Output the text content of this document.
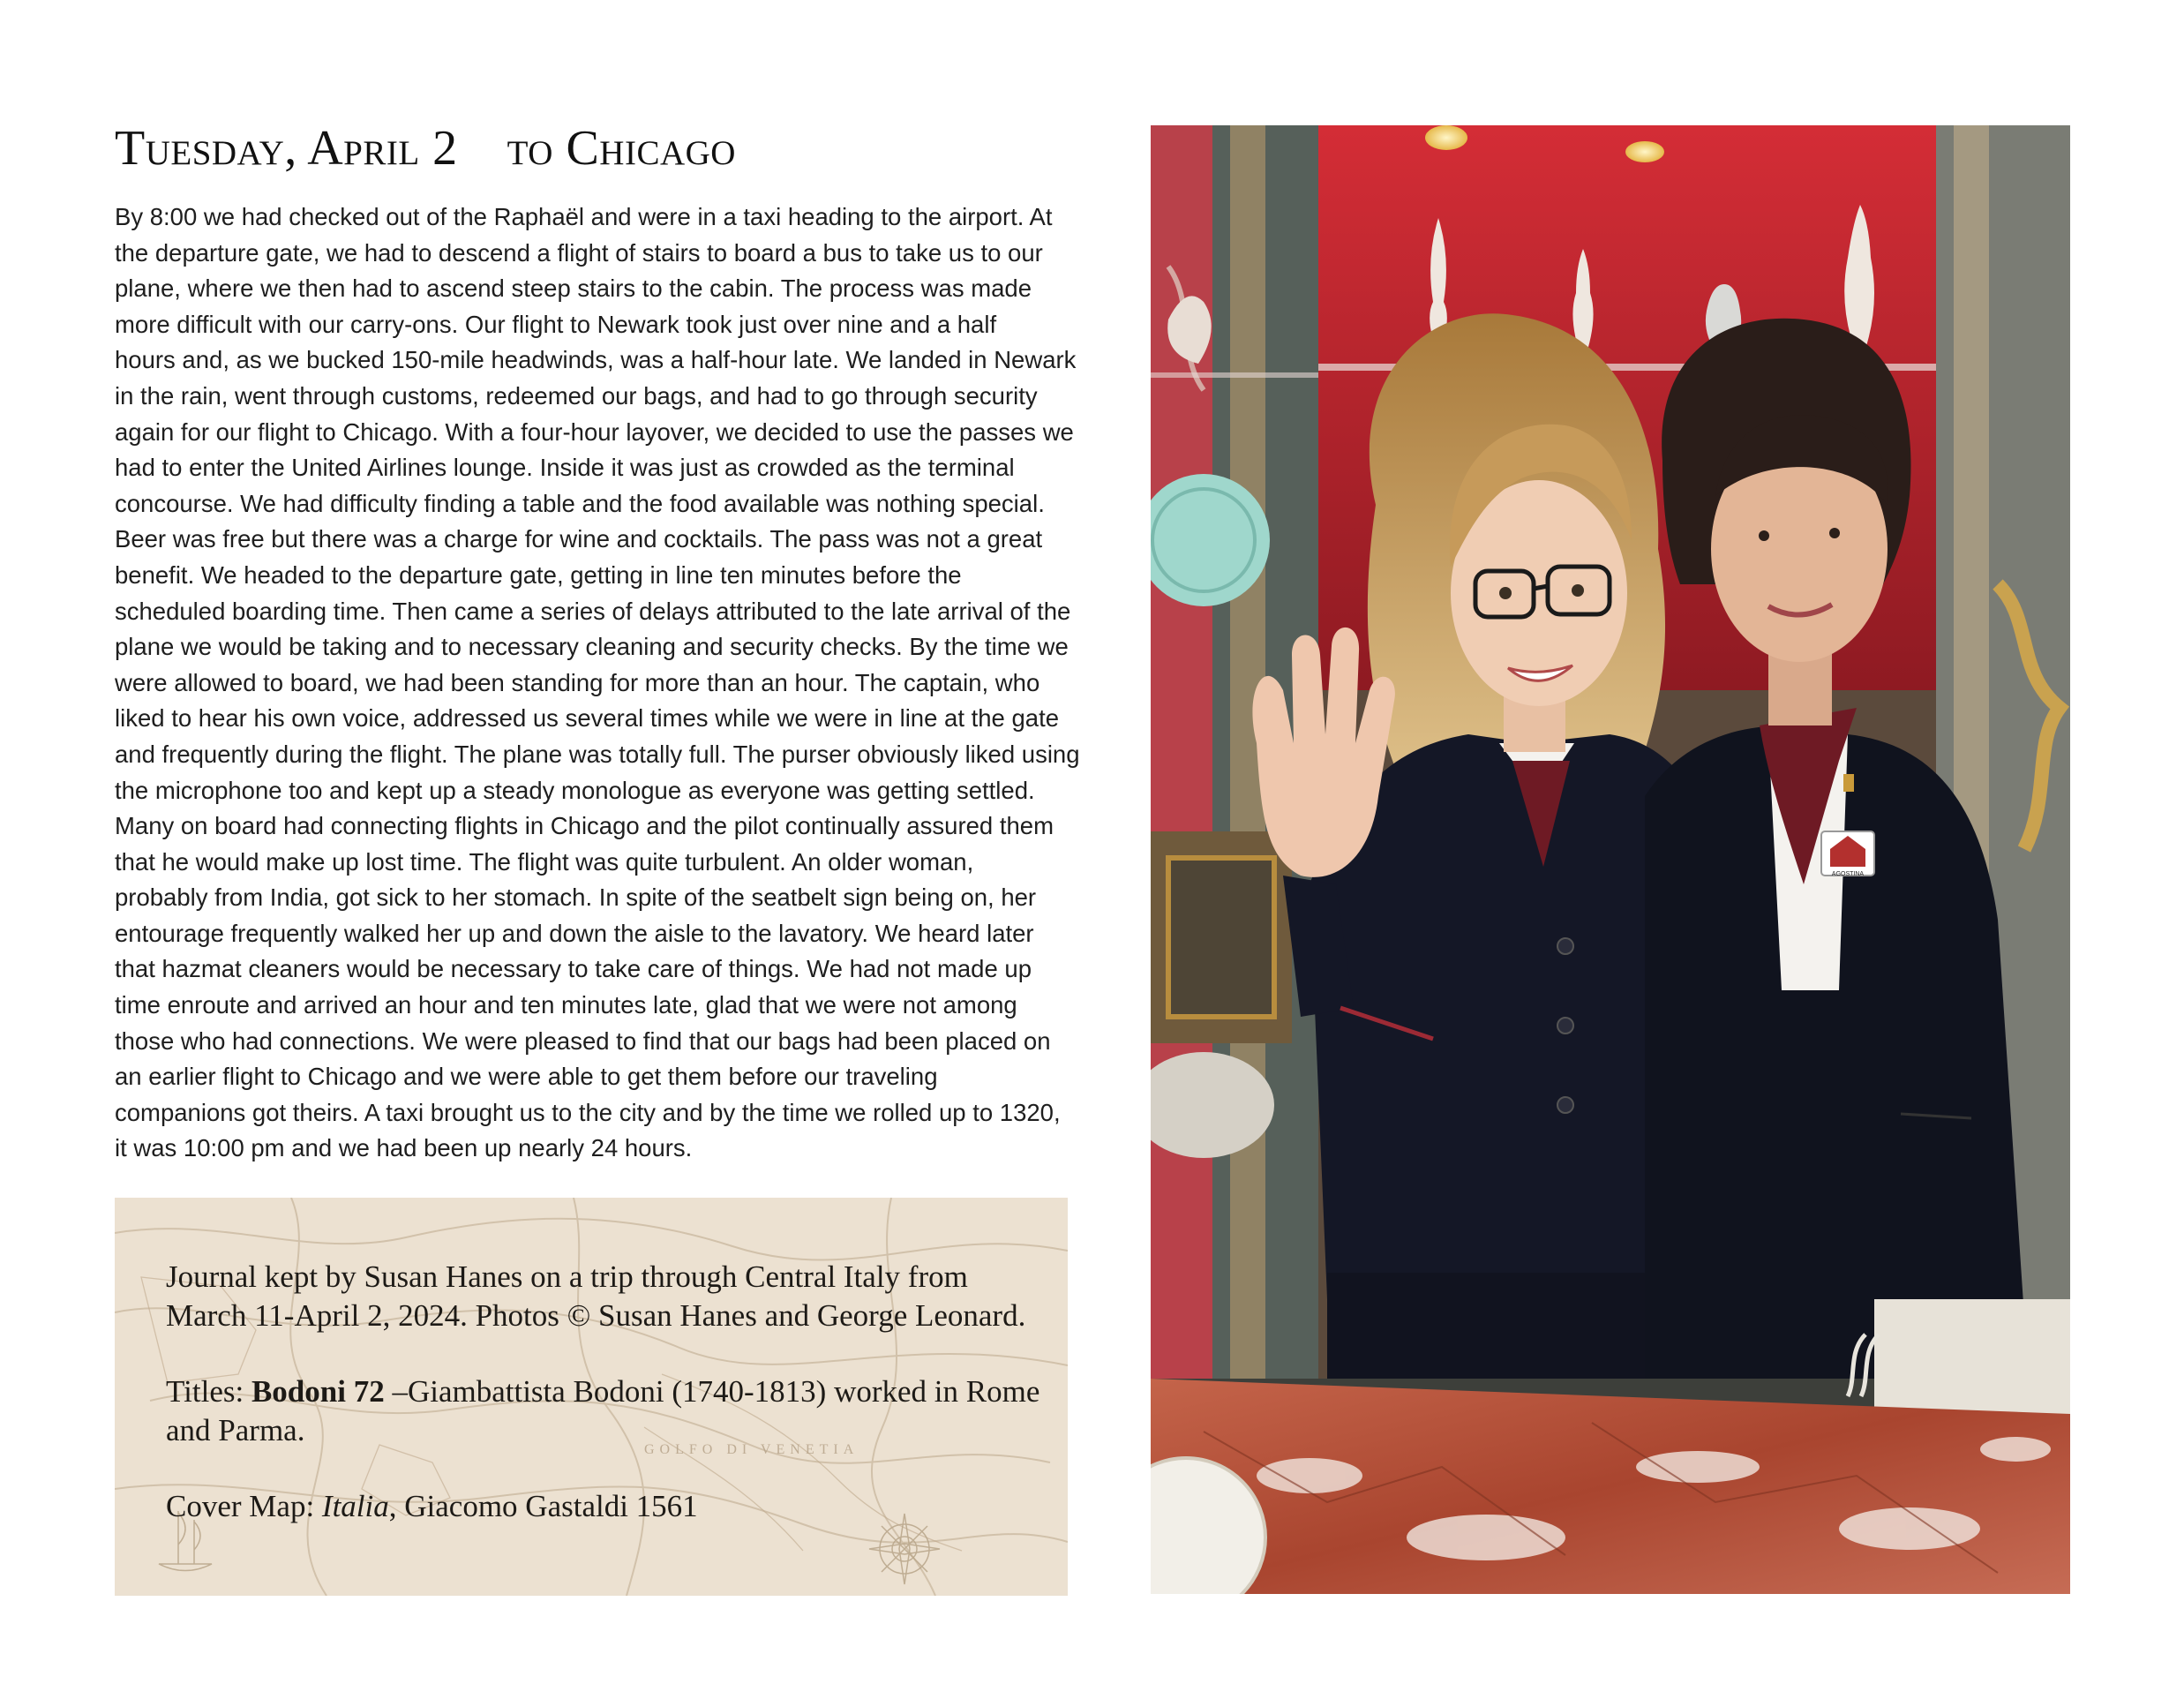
Tuesday, April 2 to Chicago
By 8:00 we had checked out of the Raphaël and were in a taxi heading to the airport. At
the departure gate, we had to descend a flight of stairs to board a bus to take us to our
plane, where we then had to ascend steep stairs to the cabin. The process was made
more difficult with our carry-ons. Our flight to Newark took just over nine and a half
hours and, as we bucked 150-mile headwinds, was a half-hour late. We landed in Newark
in the rain, went through customs, redeemed our bags, and had to go through security
again for our flight to Chicago. With a four-hour layover, we decided to use the passes we
had to enter the United Airlines lounge. Inside it was just as crowded as the terminal
concourse. We had difficulty finding a table and the food available was nothing special.
Beer was free but there was a charge for wine and cocktails. The pass was not a great
benefit. We headed to the departure gate, getting in line ten minutes before the
scheduled boarding time. Then came a series of delays attributed to the late arrival of the
plane we would be taking and to necessary cleaning and security checks. By the time we
were allowed to board, we had been standing for more than an hour. The captain, who
liked to hear his own voice, addressed us several times while we were in line at the gate
and frequently during the flight. The plane was totally full. The purser obviously liked using
the microphone too and kept up a steady monologue as everyone was getting settled.
Many on board had connecting flights in Chicago and the pilot continually assured them
that he would make up lost time. The flight was quite turbulent. An older woman,
probably from India, got sick to her stomach. In spite of the seatbelt sign being on, her
entourage frequently walked her up and down the aisle to the lavatory. We heard later
that hazmat cleaners would be necessary to take care of things. We had not made up
time enroute and arrived an hour and ten minutes late, glad that we were not among
those who had connections. We were pleased to find that our bags had been placed on
an earlier flight to Chicago and we were able to get them before our traveling
companions got theirs. A taxi brought us to the city and by the time we rolled up to 1320,
it was 10:00 pm and we had been up nearly 24 hours.
GOLFO DI VENETIA

Journal kept by Susan Hanes on a trip through Central Italy from
March 11-April 2, 2024. Photos © Susan Hanes and George Leonard.

Titles: Bodoni 72 –Giambattista Bodoni (1740-1813) worked in Rome
and Parma.

Cover Map: Italia, Giacomo Gastaldi 1561

AGOSTINA
